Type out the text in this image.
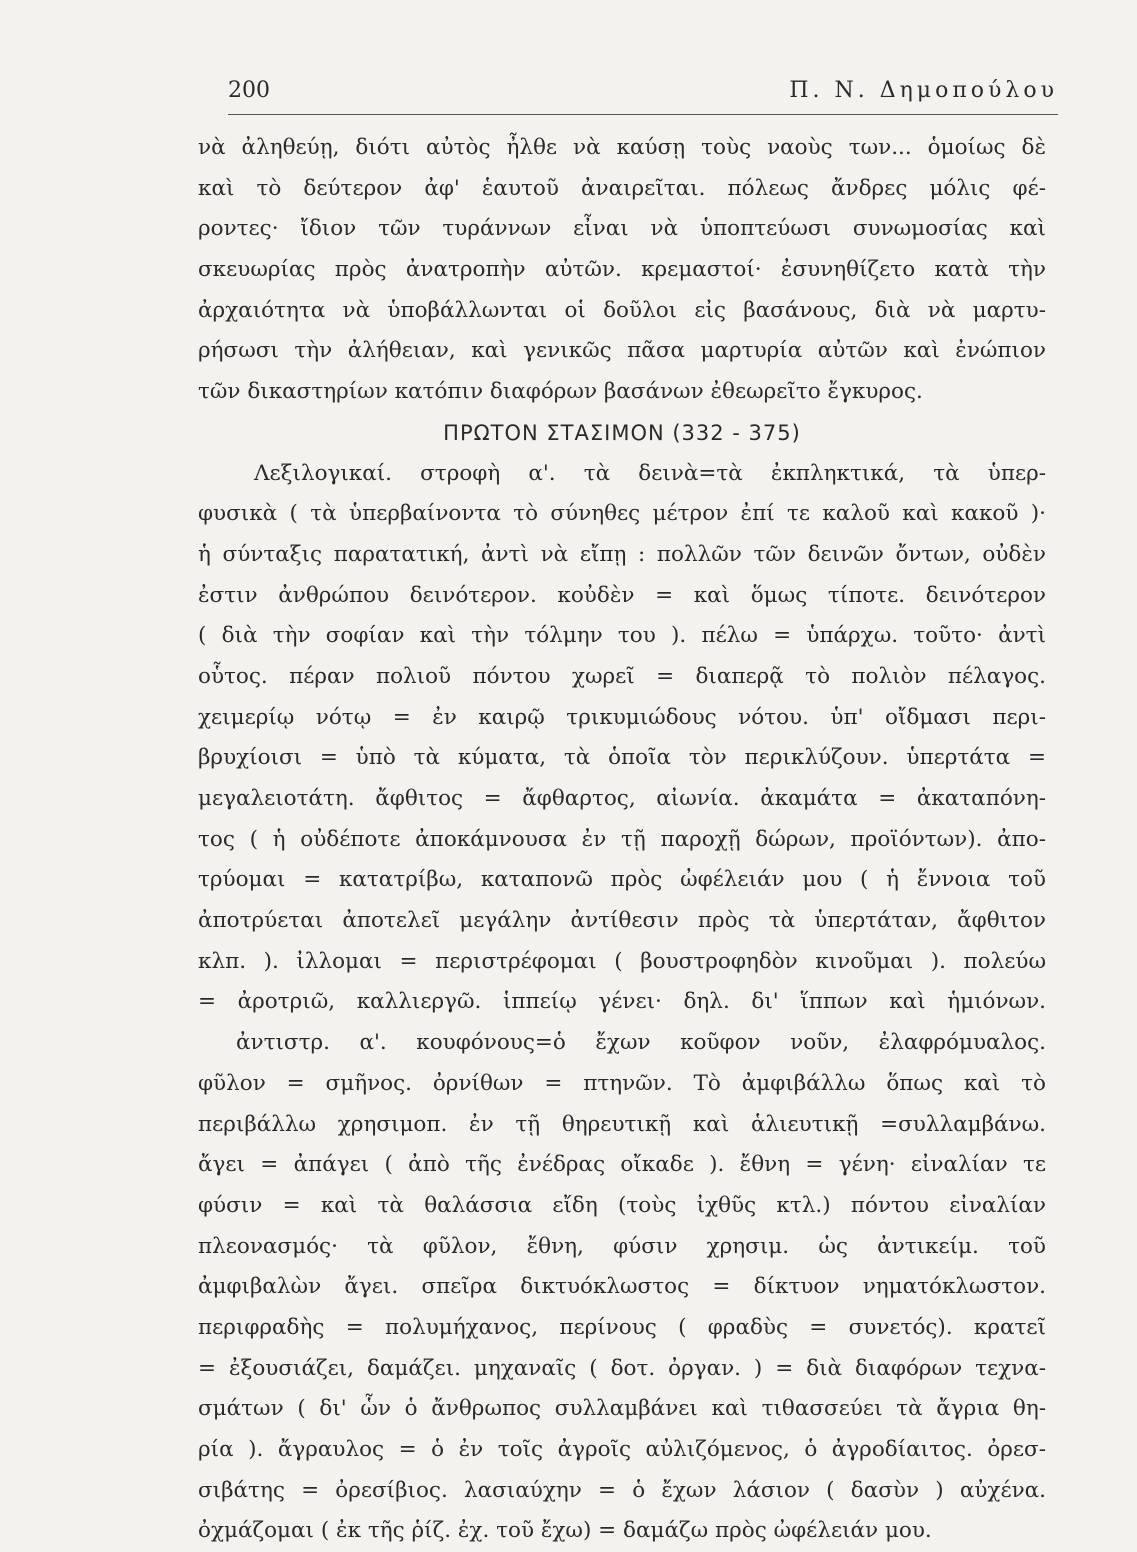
200	Π. Ν. Δημοπούλου
νὰ ἀληθεύῃ, διότι αὐτὸς ἦλθε νὰ καύσῃ τοὺς ναοὺς των... ὁμοίως δὲ
καὶ τὸ δεύτερον ἀφ' ἑαυτοῦ ἀναιρεῖται. πόλεως ἄνδρες μόλις φέ-
ροντες· ἴδιον τῶν τυράννων εἶναι νὰ ὑποπτεύωσι συνωμοσίας καὶ
σκευωρίας πρὸς ἀνατροπὴν αὐτῶν. κρεμαστοί· ἐσυνηθίζετο κατὰ τὴν
ἀρχαιότητα νὰ ὑποβάλλωνται οἱ δοῦλοι εἰς βασάνους, διὰ νὰ μαρτυ-
ρήσωσι τὴν ἀλήθειαν, καὶ γενικῶς πᾶσα μαρτυρία αὐτῶν καὶ ἐνώπιον
τῶν δικαστηρίων κατόπιν διαφόρων βασάνων ἐθεωρεῖτο ἔγκυρος.
ΠΡΩΤΟΝ ΣΤΑΣΙΜΟΝ (332 - 375)
Λεξιλογικαί. στροφὴ α'. τὰ δεινὰ=τὰ ἐκπληκτικά, τὰ ὑπερ-
φυσικὰ ( τὰ ὑπερβαίνοντα τὸ σύνηθες μέτρον ἐπί τε καλοῦ καὶ κακοῦ )·
ἡ σύνταξις παρατατική, ἀντὶ νὰ εἴπῃ : πολλῶν τῶν δεινῶν ὄντων, οὐδὲν
ἐστιν ἀνθρώπου δεινότερον. κοὐδὲν = καὶ ὅμως τίποτε. δεινότερον
( διὰ τὴν σοφίαν καὶ τὴν τόλμην του ). πέλω = ὑπάρχω. τοῦτο· ἀντὶ
οὗτος. πέραν πολιοῦ πόντου χωρεῖ = διαπερᾷ τὸ πολιὸν πέλαγος.
χειμερίῳ νότῳ = ἐν καιρῷ τρικυμιώδους νότου. ὑπ' οἴδμασι περι-
βρυχίοισι = ὑπὸ τὰ κύματα, τὰ ὁποῖα τὸν περικλύζουν. ὑπερτάτα =
μεγαλειοτάτη. ἄφθιτος = ἄφθαρτος, αἰωνία. ἀκαμάτα = ἀκαταπόνη-
τος ( ἡ οὐδέποτε ἀποκάμνουσα ἐν τῇ παροχῇ δώρων, προϊόντων). ἀπο-
τρύομαι = κατατρίβω, καταπονῶ πρὸς ὠφέλειάν μου ( ἡ ἔννοια τοῦ
ἀποτρύεται ἀποτελεῖ μεγάλην ἀντίθεσιν πρὸς τὰ ὑπερτάταν, ἄφθιτον
κλπ. ). ἰλλομαι = περιστρέφομαι ( βουστροφηδὸν κινοῦμαι ). πολεύω
= ἀροτριῶ, καλλιεργῶ. ἱππείῳ γένει· δηλ. δι' ἵππων καὶ ἡμιόνων.
ἀντιστρ. α'. κουφόνους=ὁ ἔχων κοῦφον νοῦν, ἐλαφρόμυαλος.
φῦλον = σμῆνος. ὀρνίθων = πτηνῶν. Τὸ ἀμφιβάλλω ὅπως καὶ τὸ
περιβάλλω χρησιμοπ. ἐν τῇ θηρευτικῇ καὶ ἁλιευτικῇ =συλλαμβάνω.
ἄγει = ἀπάγει ( ἀπὸ τῆς ἐνέδρας οἴκαδε ). ἔθνη = γένη· εἰναλίαν τε
φύσιν = καὶ τὰ θαλάσσια εἴδη (τοὺς ἰχθῦς κτλ.) πόντου εἰναλίαν
πλεονασμός· τὰ φῦλον, ἔθνη, φύσιν χρησιμ. ὡς ἀντικείμ. τοῦ
ἀμφιβαλὼν ἄγει. σπεῖρα δικτυόκλωστος = δίκτυον νηματόκλωστον.
περιφραδὴς = πολυμήχανος, περίνους ( φραδὺς = συνετός). κρατεῖ
= ἐξουσιάζει, δαμάζει. μηχαναῖς ( δοτ. ὀργαν. ) = διὰ διαφόρων τεχνα-
σμάτων ( δι' ὧν ὁ ἄνθρωπος συλλαμβάνει καὶ τιθασσεύει τὰ ἄγρια θη-
ρία ). ἄγραυλος = ὁ ἐν τοῖς ἀγροῖς αὐλιζόμενος, ὁ ἀγροδίαιτος. ὀρεσ-
σιβάτης = ὀρεσίβιος. λασιαύχην = ὁ ἔχων λάσιον ( δασὺν ) αὐχένα.
ὀχμάζομαι ( ἐκ τῆς ῥίζ. ἐχ. τοῦ ἔχω) = δαμάζω πρὸς ὠφέλειάν μου.
